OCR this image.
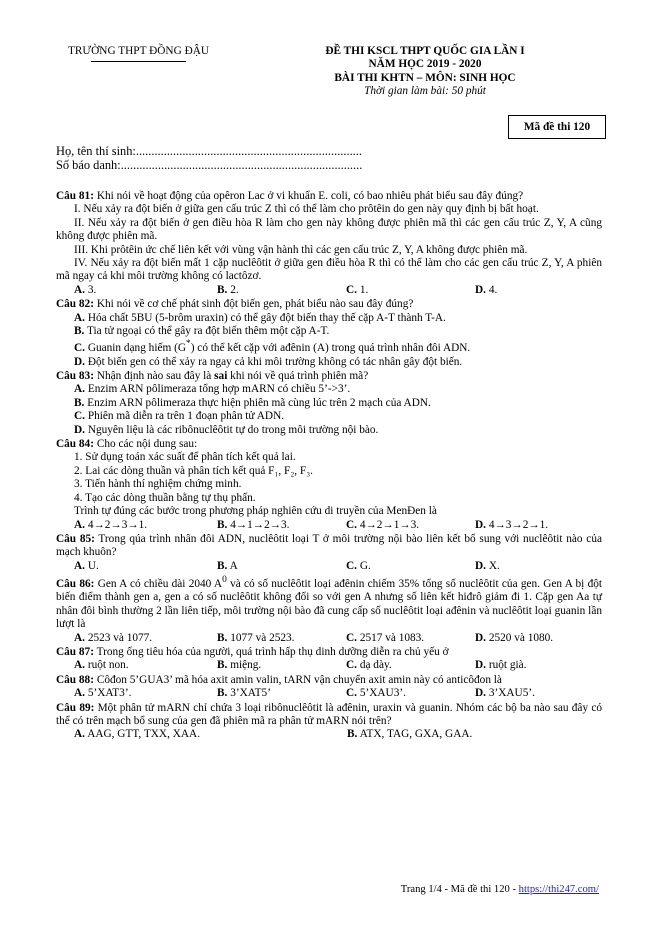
TRƯỜNG THPT ĐỒNG ĐẬU	ĐỀ THI KSCL THPT QUỐC GIA LẦN I
NĂM HỌC 2019 - 2020
BÀI THI KHTN – MÔN: SINH HỌC
Thời gian làm bài: 50 phút
Mã đề thi 120
Họ, tên thí sinh:.........................................................................
Số báo danh:..............................................................................

Câu 81: Khi nói về hoạt động của opêron Lac ở vi khuẩn E. coli, có bao nhiêu phát biểu sau đây đúng?

I. Nếu xảy ra đột biến ở giữa gen cấu trúc Z thì có thể làm cho prôtêin do gen này quy định bị bất hoạt.

II. Nếu xảy ra đột biến ở gen điều hòa R làm cho gen này không được phiên mã thì các gen cấu trúc Z, Y, A cũng không được phiên mã.

III. Khi prôtêin ức chế liên kết với vùng vận hành thì các gen cấu trúc Z, Y, A không được phiên mã.

IV. Nếu xảy ra đột biến mất 1 cặp nuclêôtit ở giữa gen điều hòa R thì có thể làm cho các gen cấu trúc Z, Y, A phiên mã ngay cả khi môi trường không có lactôzơ.

A. 3.	B. 2.	C. 1.	D. 4.

Câu 82: Khi nói về cơ chế phát sinh đột biến gen, phát biểu nào sau đây đúng?

A. Hóa chất 5BU (5-brôm uraxin) có thể gây đột biến thay thế cặp A-T thành T-A.

B. Tia tử ngoại có thể gây ra đột biến thêm một cặp A-T.

C. Guanin dạng hiếm (G*) có thể kết cặp với ađênin (A) trong quá trình nhân đôi ADN.

D. Đột biến gen có thể xảy ra ngay cả khi môi trường không có tác nhân gây đột biến.

Câu 83: Nhận định nào sau đây là sai khi nói về quá trình phiên mã?

A. Enzim ARN pôlimeraza tổng hợp mARN có chiều 5’->3’.

B. Enzim ARN pôlimeraza thực hiện phiên mã cùng lúc trên 2 mạch của ADN.

C. Phiên mã diễn ra trên 1 đoạn phân tử ADN.

D. Nguyên liệu là các ribônuclêôtit tự do trong môi trường nội bào.

Câu 84: Cho các nội dung sau:

1. Sử dụng toán xác suất để phân tích kết quả lai.

2. Lai các dòng thuần và phân tích kết quả F₁, F₂, F₃.

3. Tiến hành thí nghiệm chứng minh.

4. Tạo các dòng thuần bằng tự thụ phấn.

Trình tự đúng các bước trong phương pháp nghiên cứu di truyền của MenĐen là

A. 4→2→3→1.	B. 4→1→2→3.	C. 4→2→1→3.	D. 4→3→2→1.

Câu 85: Trong qúa trình nhân đôi ADN, nuclêôtit loại T ở môi trường nội bào liên kết bổ sung với nuclêôtit nào của mạch khuôn?

A. U.	B. A	C. G.	D. X.

Câu 86: Gen A có chiều dài 2040 $A^0$ và có số nuclêôtit loại ađênin chiếm 35% tổng số nuclêôtit của gen. Gen A bị đột biến điểm thành gen a, gen a có số nuclêôtit không đổi so với gen A nhưng số liên kết hiđrô giảm đi 1. Cặp gen Aa tự nhân đôi bình thường 2 lần liên tiếp, môi trường nội bào đã cung cấp số nuclêôtit loại ađênin và nuclêôtit loại guanin lần lượt là

A. 2523 và 1077.	B. 1077 và 2523.	C. 2517 và 1083.	D. 2520 và 1080.

Câu 87: Trong ống tiêu hóa của người, quá trình hấp thụ dinh dưỡng diễn ra chủ yếu ở

A. ruột non.	B. miệng.	C. dạ dày.	D. ruột già.

Câu 88: Côđon 5’GUA3’ mã hóa axit amin valin, tARN vận chuyển axit amin này có anticôđon là

A. 5’XAT3’.	B. 3’XAT5’	C. 5’XAU3’.	D. 3’XAU5’.

Câu 89: Một phân tử mARN chỉ chứa 3 loại ribônuclêôtit là ađênin, uraxin và guanin. Nhóm các bộ ba nào sau đây có thể có trên mạch bổ sung của gen đã phiên mã ra phân tử mARN nói trên?

A. AAG, GTT, TXX, XAA.	B. ATX, TAG, GXA, GAA.
Trang 1/4 - Mã đề thi 120 - https://thi247.com/
